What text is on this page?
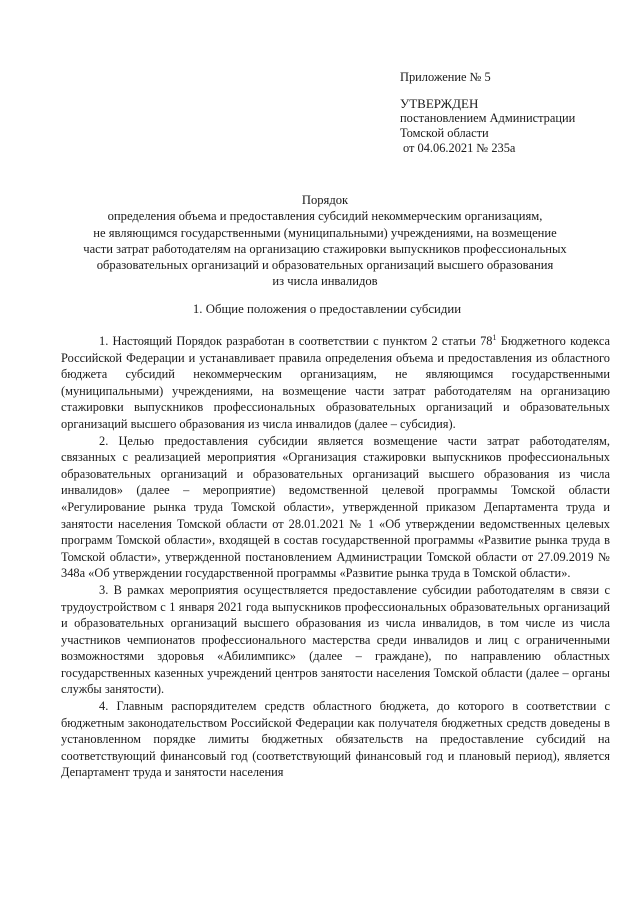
Приложение № 5
УТВЕРЖДЕН
постановлением Администрации
Томской области
от 04.06.2021 № 235а
Порядок
определения объема и предоставления субсидий некоммерческим организациям,
не являющимся государственными (муниципальными) учреждениями, на возмещение
части затрат работодателям на организацию стажировки выпускников профессиональных
образовательных организаций и образовательных организаций высшего образования
из числа инвалидов
1. Общие положения о предоставлении субсидии

1. Настоящий Порядок разработан в соответствии с пунктом 2 статьи $78^1$ Бюджетного кодекса Российской Федерации и устанавливает правила определения объема и предоставления из областного бюджета субсидий некоммерческим организациям, не являющимся государственными (муниципальными) учреждениями, на возмещение части затрат работодателям на организацию стажировки выпускников профессиональных образовательных организаций и образовательных организаций высшего образования из числа инвалидов (далее – субсидия).

2. Целью предоставления субсидии является возмещение части затрат работодателям, связанных с реализацией мероприятия «Организация стажировки выпускников профессиональных образовательных организаций и образовательных организаций высшего образования из числа инвалидов» (далее – мероприятие) ведомственной целевой программы Томской области «Регулирование рынка труда Томской области», утвержденной приказом Департамента труда и занятости населения Томской области от 28.01.2021 № 1 «Об утверждении ведомственных целевых программ Томской области», входящей в состав государственной программы «Развитие рынка труда в Томской области», утвержденной постановлением Администрации Томской области от 27.09.2019 № 348а «Об утверждении государственной программы «Развитие рынка труда в Томской области».

3. В рамках мероприятия осуществляется предоставление субсидии работодателям в связи с трудоустройством с 1 января 2021 года выпускников профессиональных образовательных организаций и образовательных организаций высшего образования из числа инвалидов, в том числе из числа участников чемпионатов профессионального мастерства среди инвалидов и лиц с ограниченными возможностями здоровья «Абилимпикс» (далее – граждане), по направлению областных государственных казенных учреждений центров занятости населения Томской области (далее – органы службы занятости).

4. Главным распорядителем средств областного бюджета, до которого в соответствии с бюджетным законодательством Российской Федерации как получателя бюджетных средств доведены в установленном порядке лимиты бюджетных обязательств на предоставление субсидий на соответствующий финансовый год (соответствующий финансовый год и плановый период), является Департамент труда и занятости населения
